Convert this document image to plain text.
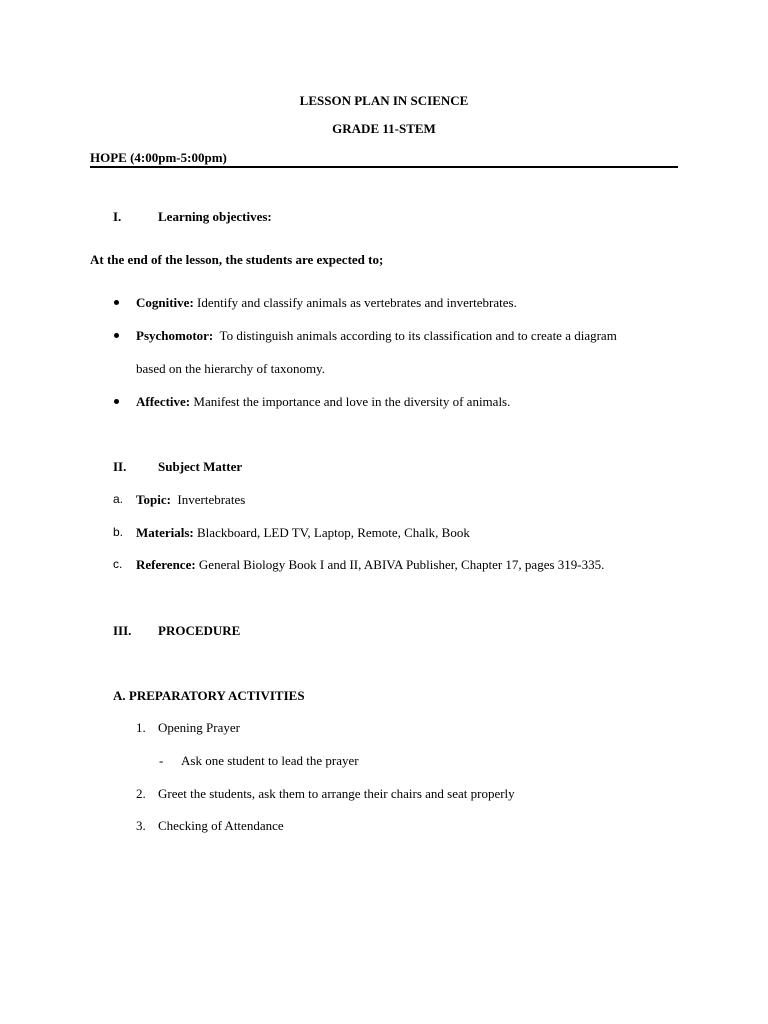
LESSON PLAN IN SCIENCE
GRADE 11-STEM
HOPE (4:00pm-5:00pm)
I.	Learning objectives:
At the end of the lesson, the students are expected to;
Cognitive: Identify and classify animals as vertebrates and invertebrates.
Psychomotor: To distinguish animals according to its classification and to create a diagram
based on the hierarchy of taxonomy.
Affective: Manifest the importance and love in the diversity of animals.
II. Subject Matter
a. Topic: Invertebrates
b. Materials: Blackboard, LED TV, Laptop, Remote, Chalk, Book
c. Reference: General Biology Book I and II, ABIVA Publisher, Chapter 17, pages 319-335.
III. PROCEDURE
A. PREPARATORY ACTIVITIES
1. Opening Prayer
- Ask one student to lead the prayer
2. Greet the students, ask them to arrange their chairs and seat properly
3. Checking of Attendance
